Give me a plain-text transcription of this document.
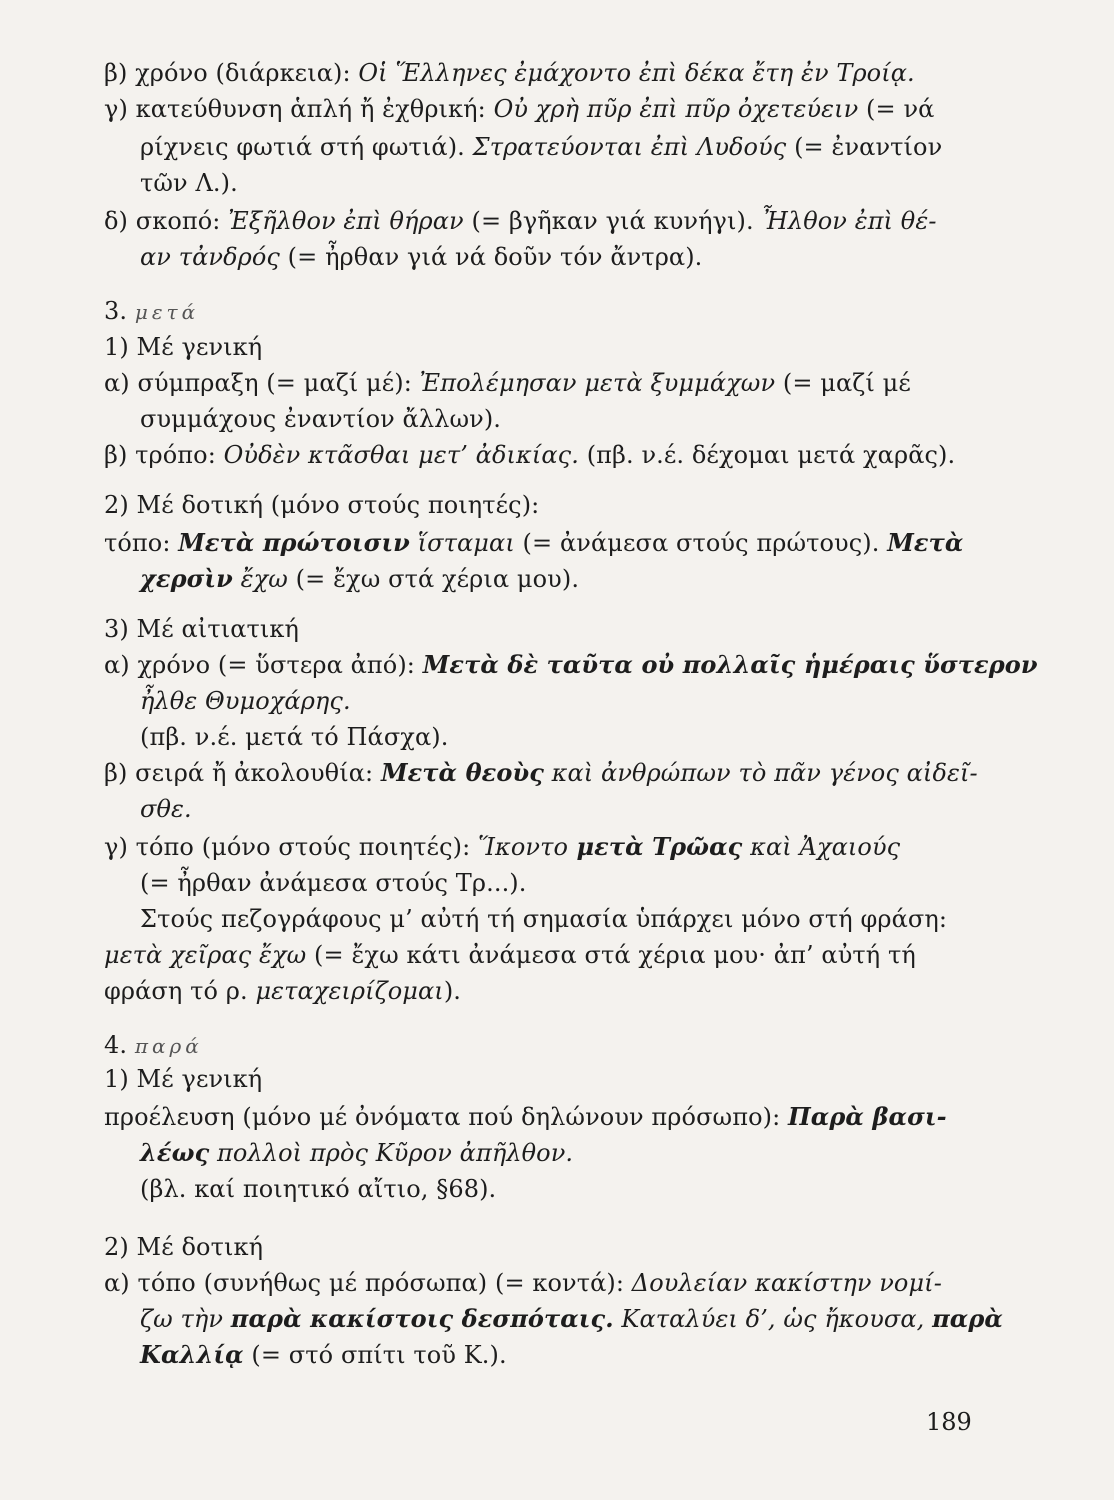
β) χρόνο (διάρκεια): Οἱ Ἕλληνες ἐμάχοντο ἐπὶ δέκα ἔτη ἐν Τροίᾳ.
γ) κατεύθυνση ἁπλή ἤ ἐχθρική: Οὐ χρὴ πῦρ ἐπὶ πῦρ ὀχετεύειν (= νά
ρίχνεις φωτιά στή φωτιά). Στρατεύονται ἐπὶ Λυδούς (= ἐναντίον
τῶν Λ.).
δ) σκοπό: Ἐξῆλθον ἐπὶ θήραν (= βγῆκαν γιά κυνήγι). Ἦλθον ἐπὶ θέ-
αν τἀνδρός (= ἦρθαν γιά νά δοῦν τόν ἄντρα).
3. μετά
1) Μέ γενική
α) σύμπραξη (= μαζί μέ): Ἐπολέμησαν μετὰ ξυμμάχων (= μαζί μέ
συμμάχους ἐναντίον ἄλλων).
β) τρόπο: Οὐδὲν κτᾶσθαι μετ’ ἀδικίας. (πβ. ν.έ. δέχομαι μετά χαρᾶς).
2) Μέ δοτική (μόνο στούς ποιητές):
τόπο: Μετὰ πρώτοισιν ἵσταμαι (= ἀνάμεσα στούς πρώτους). Μετὰ
χερσὶν ἔχω (= ἔχω στά χέρια μου).
3) Μέ αἰτιατική
α) χρόνο (= ὕστερα ἀπό): Μετὰ δὲ ταῦτα οὐ πολλαῖς ἡμέραις ὕστερον
ἦλθε Θυμοχάρης.
(πβ. ν.έ. μετά τό Πάσχα).
β) σειρά ἤ ἀκολουθία: Μετὰ θεοὺς καὶ ἀνθρώπων τὸ πᾶν γένος αἰδεῖ-
σθε.
γ) τόπο (μόνο στούς ποιητές): Ἵκοντο μετὰ Τρῶας καὶ Ἀχαιούς
(= ἦρθαν ἀνάμεσα στούς Τρ...).
Στούς πεζογράφους μ’ αὐτή τή σημασία ὑπάρχει μόνο στή φράση:
μετὰ χεῖρας ἔχω (= ἔχω κάτι ἀνάμεσα στά χέρια μου· ἀπ’ αὐτή τή
φράση τό ρ. μεταχειρίζομαι).
4. παρά
1) Μέ γενική
προέλευση (μόνο μέ ὀνόματα πού δηλώνουν πρόσωπο): Παρὰ βασι-
λέως πολλοὶ πρὸς Κῦρον ἀπῆλθον.
(βλ. καί ποιητικό αἴτιο, §68).
2) Μέ δοτική
α) τόπο (συνήθως μέ πρόσωπα) (= κοντά): Δουλείαν κακίστην νομί-
ζω τὴν παρὰ κακίστοις δεσπόταις. Καταλύει δ’, ὡς ἤκουσα, παρὰ
Καλλίᾳ (= στό σπίτι τοῦ Κ.).
189
